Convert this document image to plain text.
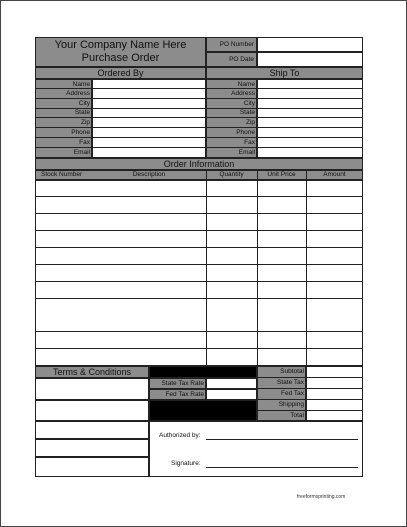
Your Company Name Here
Purchase Order
PO Number
PO Date
Ordered By	Ship To
Name
Address
City
State
Zip
Phone
Fax
Email
Name
Address
City
State
Zip
Phone
Fax
Email
Order Information
Stock Number	Description	Quantity	Unit Price	Amount
Terms & Conditions
State Tax Rate
Fed Tax Rate
Subtotal
State Tax
Fed Tax
Shipping
Total
Authorized by:
Signature:
freeformsprinting.com
